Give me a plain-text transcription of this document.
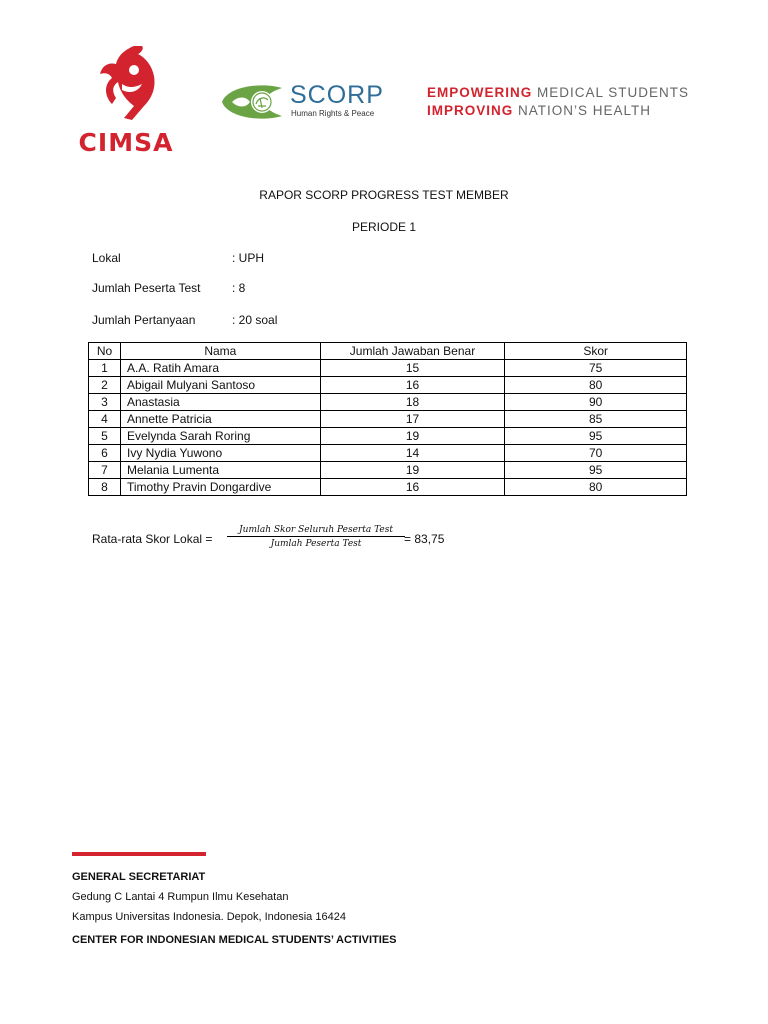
CIMSA
SCORP
Human Rights & Peace
EMPOWERING MEDICAL STUDENTS
IMPROVING NATION’S HEALTH
RAPOR SCORP PROGRESS TEST MEMBER
PERIODE 1
Lokal	: UPH
Jumlah Peserta Test	: 8
Jumlah Pertanyaan	: 20 soal
No	Nama	Jumlah Jawaban Benar	Skor
1	A.A. Ratih Amara	15	75
2	Abigail Mulyani Santoso	16	80
3	Anastasia	18	90
4	Annette Patricia	17	85
5	Evelynda Sarah Roring	19	95
6	Ivy Nydia Yuwono	14	70
7	Melania Lumenta	19	95
8	Timothy Pravin Dongardive	16	80
Rata-rata Skor Lokal =
Jumlah Skor Seluruh Peserta Test
Jumlah Peserta Test	= 83,75
GENERAL SECRETARIAT
Gedung C Lantai 4 Rumpun Ilmu Kesehatan
Kampus Universitas Indonesia. Depok, Indonesia 16424
CENTER FOR INDONESIAN MEDICAL STUDENTS’ ACTIVITIES
